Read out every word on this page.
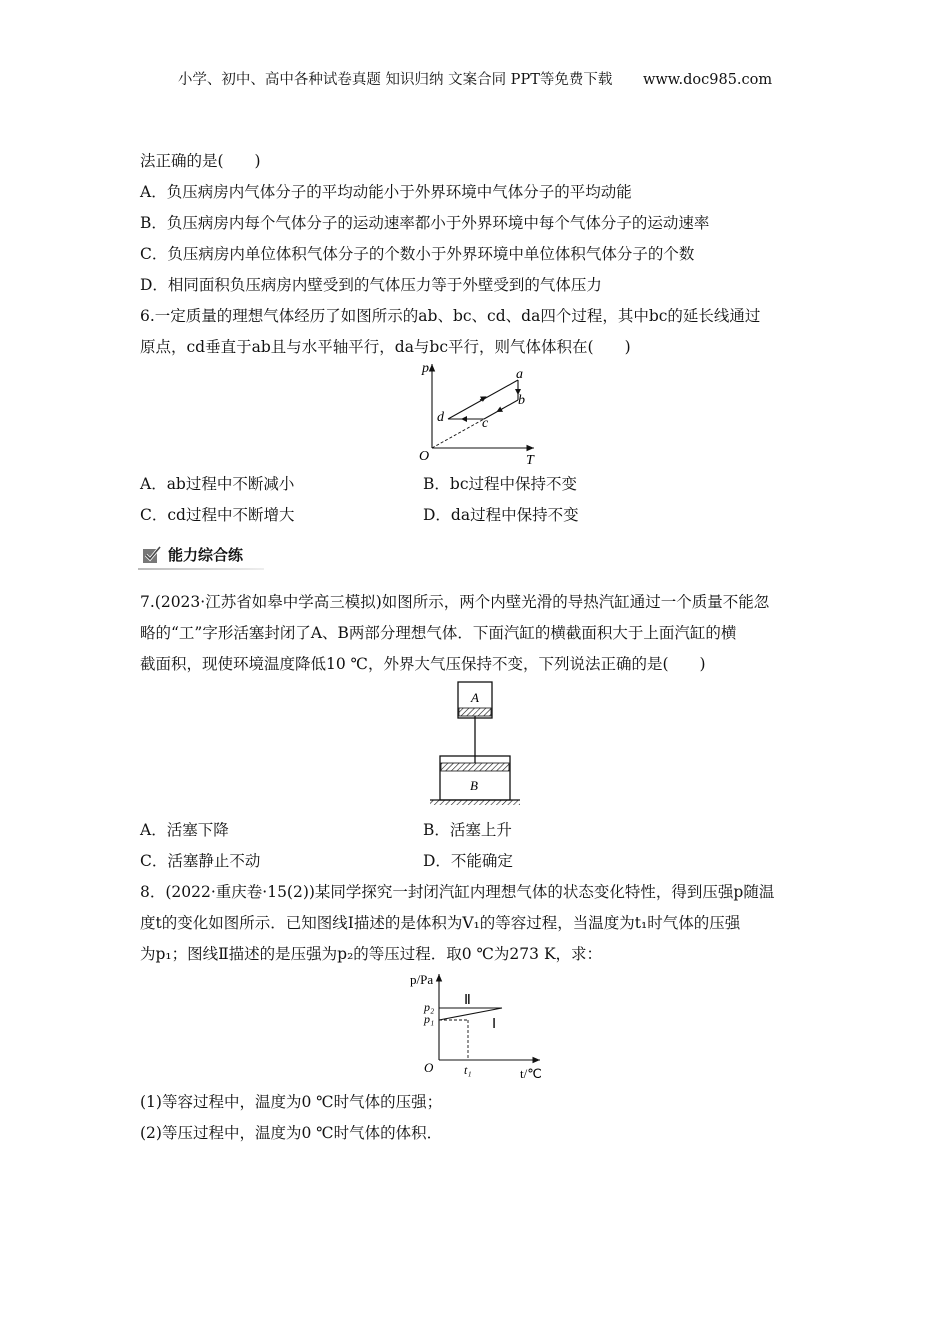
小学、初中、高中各种试卷真题 知识归纳 文案合同 PPT等免费下载 www.doc985.com
法正确的是(　　)
A．负压病房内气体分子的平均动能小于外界环境中气体分子的平均动能
B．负压病房内每个气体分子的运动速率都小于外界环境中每个气体分子的运动速率
C．负压病房内单位体积气体分子的个数小于外界环境中单位体积气体分子的个数
D．相同面积负压病房内壁受到的气体压力等于外壁受到的气体压力
6.一定质量的理想气体经历了如图所示的ab、bc、cd、da四个过程，其中bc的延长线通过
原点，cd垂直于ab且与水平轴平行，da与bc平行，则气体体积在(　　)
p
T
O
a
b
c
d
A．ab过程中不断减小	B．bc过程中保持不变
C．cd过程中不断增大	D．da过程中保持不变
能力综合练
7.(2023·江苏省如皋中学高三模拟)如图所示，两个内壁光滑的导热汽缸通过一个质量不能忽
略的“工”字形活塞封闭了A、B两部分理想气体．下面汽缸的横截面积大于上面汽缸的横
截面积，现使环境温度降低10 ℃，外界大气压保持不变，下列说法正确的是(　　)
A
B
A．活塞下降	B．活塞上升
C．活塞静止不动	D．不能确定
8．(2022·重庆卷·15(2))某同学探究一封闭汽缸内理想气体的状态变化特性，得到压强p随温
度t的变化如图所示．已知图线Ⅰ描述的是体积为V₁的等容过程，当温度为t₁时气体的压强
为p₁；图线Ⅱ描述的是压强为p₂的等压过程．取0 ℃为273 K，求：
p/Pa
t/℃
O
p₂
p₁
t₁
Ⅱ
Ⅰ
(1)等容过程中，温度为0 ℃时气体的压强；
(2)等压过程中，温度为0 ℃时气体的体积．
